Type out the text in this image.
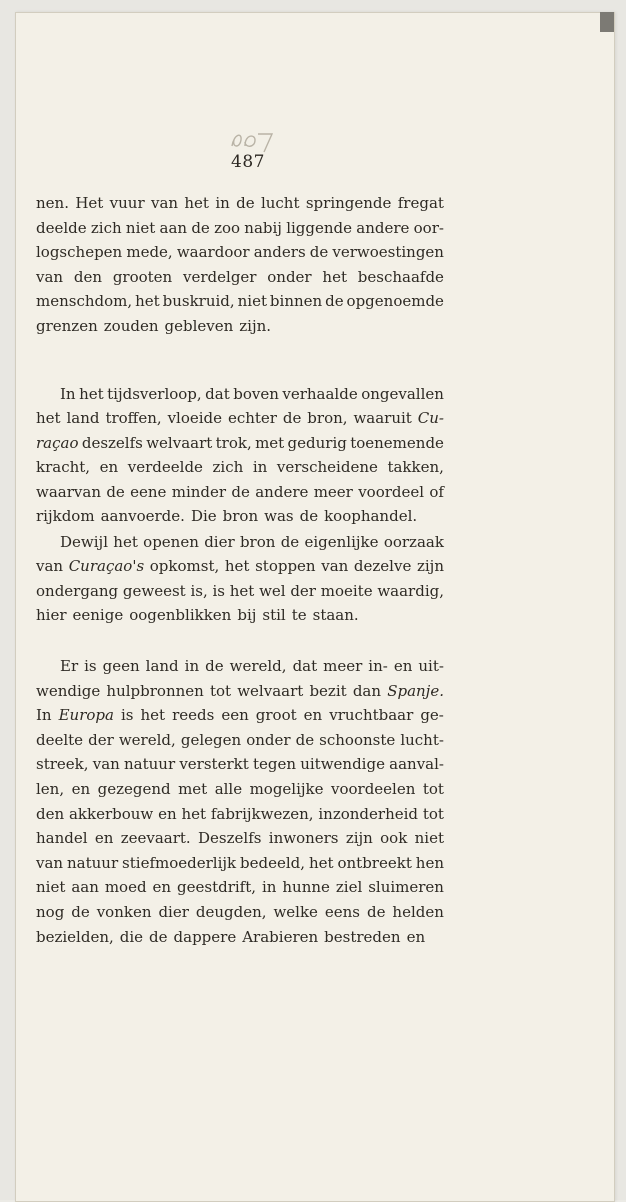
487
nen. Het vuur van het in de lucht springende fregat
deelde zich niet aan de zoo nabij liggende andere oor-
logschepen mede, waardoor anders de verwoestingen
van den grooten verdelger onder het beschaafde
menschdom, het buskruid, niet binnen de opgenoemde
grenzen zouden gebleven zijn.
In het tijdsverloop, dat boven verhaalde ongevallen
het land troffen, vloeide echter de bron, waaruit Cu-
raçao deszelfs welvaart trok, met gedurig toenemende
kracht, en verdeelde zich in verscheidene takken,
waarvan de eene minder de andere meer voordeel of
rijkdom aanvoerde. Die bron was de koophandel.
Dewijl het openen dier bron de eigenlijke oorzaak
van Curaçao's opkomst, het stoppen van dezelve zijn
ondergang geweest is, is het wel der moeite waardig,
hier eenige oogenblikken bij stil te staan.
Er is geen land in de wereld, dat meer in- en uit-
wendige hulpbronnen tot welvaart bezit dan Spanje.
In Europa is het reeds een groot en vruchtbaar ge-
deelte der wereld, gelegen onder de schoonste lucht-
streek, van natuur versterkt tegen uitwendige aanval-
len, en gezegend met alle mogelijke voordeelen tot
den akkerbouw en het fabrijkwezen, inzonderheid tot
handel en zeevaart. Deszelfs inwoners zijn ook niet
van natuur stiefmoederlijk bedeeld, het ontbreekt hen
niet aan moed en geestdrift, in hunne ziel sluimeren
nog de vonken dier deugden, welke eens de helden
bezielden, die de dappere Arabieren bestreden en
